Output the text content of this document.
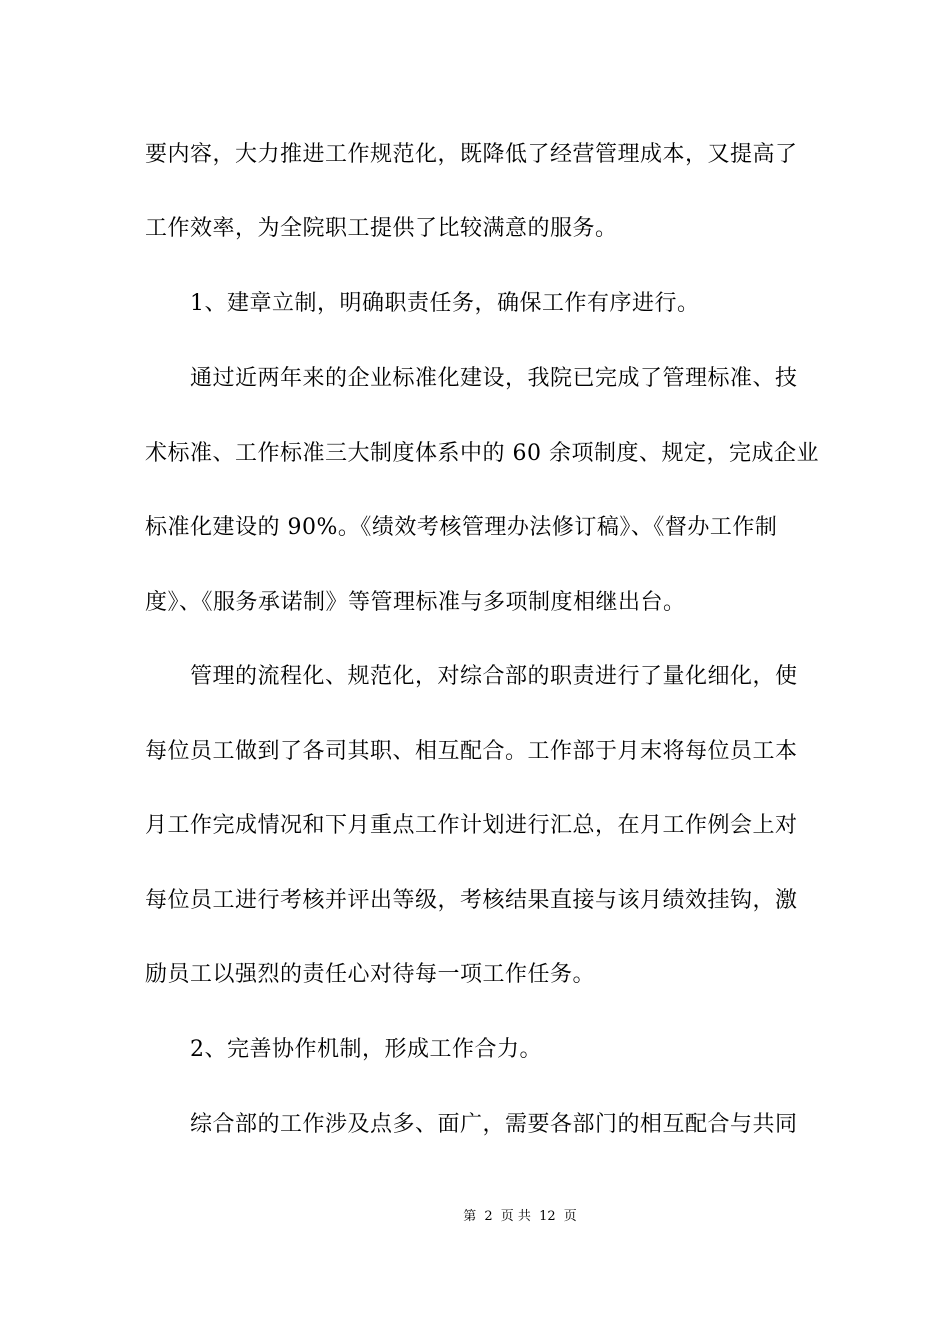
要内容，大力推进工作规范化，既降低了经营管理成本，又提高了
工作效率，为全院职工提供了比较满意的服务。
1、建章立制，明确职责任务，确保工作有序进行。
通过近两年来的企业标准化建设，我院已完成了管理标准、技
术标准、工作标准三大制度体系中的 60 余项制度、规定，完成企业
标准化建设的 90%。《绩效考核管理办法修订稿》、《督办工作制
度》、《服务承诺制》等管理标准与多项制度相继出台。
管理的流程化、规范化，对综合部的职责进行了量化细化，使
每位员工做到了各司其职、相互配合。工作部于月末将每位员工本
月工作完成情况和下月重点工作计划进行汇总，在月工作例会上对
每位员工进行考核并评出等级，考核结果直接与该月绩效挂钩，激
励员工以强烈的责任心对待每一项工作任务。
2、完善协作机制，形成工作合力。
综合部的工作涉及点多、面广，需要各部门的相互配合与共同
第 2 页 共 12 页
